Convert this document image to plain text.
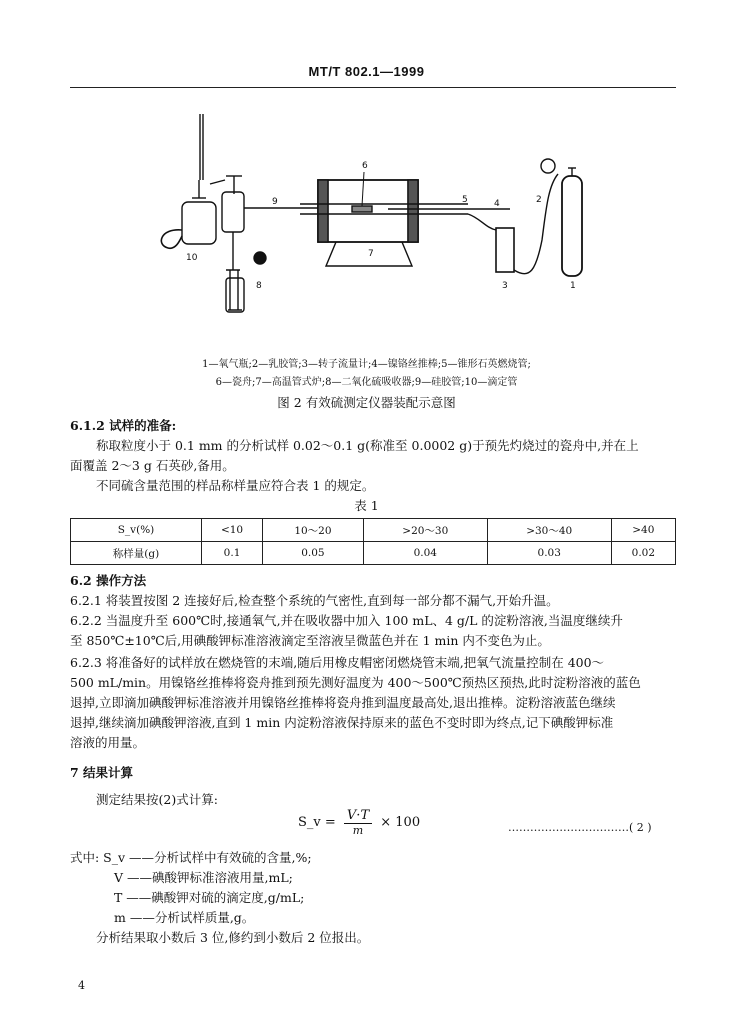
MT/T 802.1—1999
1
2
3
4
5
6
7
8
9
10
1—氧气瓶;2—乳胶管;3—转子流量计;4—镍铬丝推棒;5—锥形石英燃烧管;
6—瓷舟;7—高温管式炉;8—二氧化硫吸收器;9—硅胶管;10—滴定管
图 2 有效硫测定仪器装配示意图
6.1.2 试样的准备:
称取粒度小于 0.1 mm 的分析试样 0.02～0.1 g(称准至 0.0002 g)于预先灼烧过的瓷舟中,并在上
面覆盖 2～3 g 石英砂,备用。
不同硫含量范围的样品称样量应符合表 1 的规定。
表 1
S_v(%)	<10	10～20	>20～30	>30～40	>40
称样量(g)	0.1	0.05	0.04	0.03	0.02
6.2 操作方法
6.2.1 将装置按图 2 连接好后,检查整个系统的气密性,直到每一部分都不漏气,开始升温。
6.2.2 当温度升至 600℃时,接通氧气,并在吸收器中加入 100 mL、4 g/L 的淀粉溶液,当温度继续升
至 850℃±10℃后,用碘酸钾标准溶液滴定至溶液呈微蓝色并在 1 min 内不变色为止。
6.2.3 将准备好的试样放在燃烧管的末端,随后用橡皮帽密闭燃烧管末端,把氧气流量控制在 400～
500 mL/min。用镍铬丝推棒将瓷舟推到预先测好温度为 400～500℃预热区预热,此时淀粉溶液的蓝色
退掉,立即滴加碘酸钾标准溶液并用镍铬丝推棒将瓷舟推到温度最高处,退出推棒。淀粉溶液蓝色继续
退掉,继续滴加碘酸钾溶液,直到 1 min 内淀粉溶液保持原来的蓝色不变时即为终点,记下碘酸钾标准
溶液的用量。
7 结果计算
测定结果按(2)式计算:
S_v = $\frac{V\cdot T}{m} \times 100$	……………………………( 2 )
式中: S_v ——分析试样中有效硫的含量,%;
V ——碘酸钾标准溶液用量,mL;
T ——碘酸钾对硫的滴定度,g/mL;
m ——分析试样质量,g。
分析结果取小数后 3 位,修约到小数后 2 位报出。
4
